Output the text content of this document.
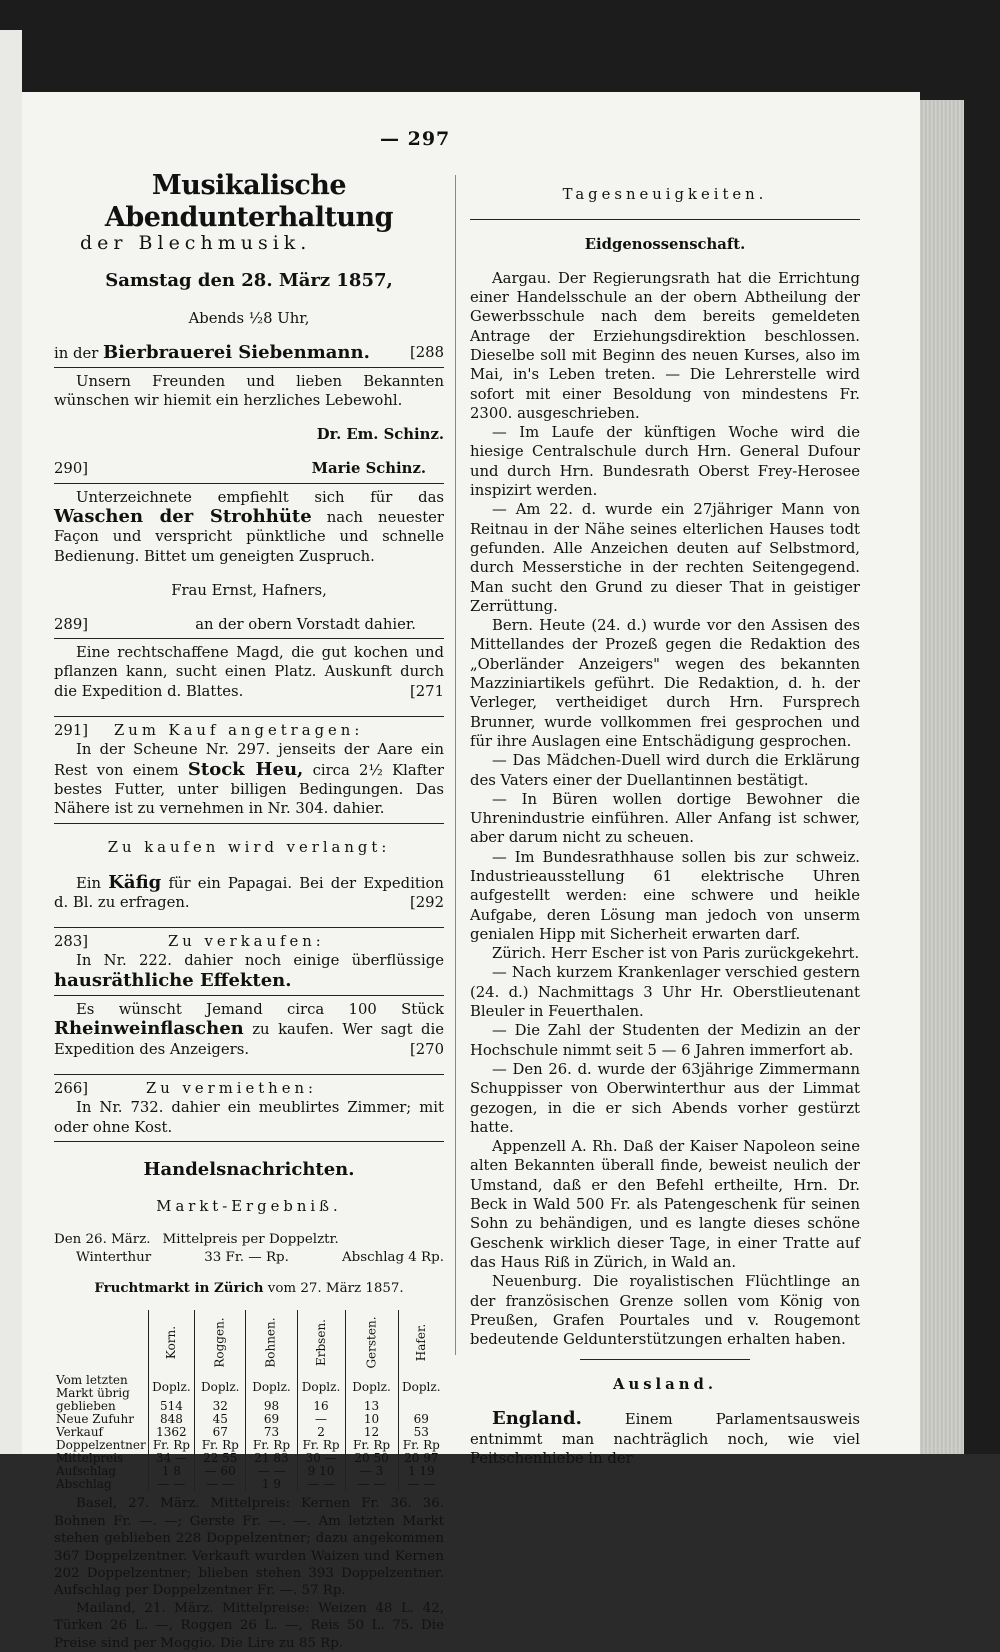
— 297

Musikalische Abendunterhaltung

der Blechmusik.

Samstag den 28. März 1857,

Abends ½8 Uhr,

in der Bierbrauerei Siebenmann.	[288

Unsern Freunden und lieben Bekannten wünschen wir hiemit ein herzliches Lebewohl.

Dr. Em. Schinz.

290]	Marie Schinz.

Unterzeichnete empfiehlt sich für das Waschen der Strohhüte nach neuester Façon und verspricht pünktliche und schnelle Bedienung. Bittet um geneigten Zuspruch.

Frau Ernst, Hafners,

289]	an der obern Vorstadt dahier.

Eine rechtschaffene Magd, die gut kochen und pflanzen kann, sucht einen Platz. Auskunft durch die Expedition d. Blattes.	[271

291] Zum Kauf angetragen:

In der Scheune Nr. 297. jenseits der Aare ein Rest von einem Stock Heu, circa 2½ Klafter bestes Futter, unter billigen Bedingungen. Das Nähere ist zu vernehmen in Nr. 304. dahier.

Zu kaufen wird verlangt:

Ein Käfig für ein Papagai. Bei der Expedition d. Bl. zu erfragen.	[292

283]	Zu verkaufen:

In Nr. 222. dahier noch einige überflüssige hausräthliche Effekten.

Es wünscht Jemand circa 100 Stück Rheinweinflaschen zu kaufen. Wer sagt die Expedition des Anzeigers.	[270

266]	Zu vermiethen:

In Nr. 732. dahier ein meublirtes Zimmer; mit oder ohne Kost.

Handelsnachrichten.

Markt-Ergebniß.

Den 26. März. Mittelpreis per Doppelztr.
Winterthur	33 Fr. — Rp.	Abschlag 4 Rp.

Fruchtmarkt in Zürich vom 27. März 1857.

	Korn.	Roggen.	Bohnen.	Erbsen.	Gersten.	Hafer.
Vom letzten
Markt übrig	Doplz.	Doplz.	Doplz.	Doplz.	Doplz.	Doplz.
geblieben	514	32	98	16	13	
Neue Zufuhr	848	45	69	—	10	69
Verkauf	1362	67	73	2	12	53
Doppelzentner	Fr. Rp	Fr. Rp	Fr. Rp	Fr. Rp	Fr. Rp	Fr. Rp
Mittelpreis	34 —	22 55	21 83	30 —	20 50	20 97
Aufschlag	1 8	— 60	— —	9 10	— 3	1 19
Abschlag	— —	— —	1 9	— —	— —	— —

Basel, 27. März. Mittelpreis: Kernen Fr. 36. 36. Bohnen Fr. —. —; Gerste Fr. —. —. Am letzten Markt stehen geblieben 228 Doppelzentner; dazu angekommen 367 Doppelzentner. Verkauft wurden Waizen und Kernen 202 Doppelzentner; blieben stehen 393 Doppelzentner. Aufschlag per Doppelzentner Fr. —. 57 Rp.

Mailand, 21. März. Mittelpreise: Weizen 48 L. 42, Türken 26 L. —, Roggen 26 L. —, Reis 50 L. 75. Die Preise sind per Moggio. Die Lire zu 85 Rp.

Tagesneuigkeiten.

Eidgenossenschaft.

Aargau. Der Regierungsrath hat die Errichtung einer Handelsschule an der obern Abtheilung der Gewerbsschule nach dem bereits gemeldeten Antrage der Erziehungsdirektion beschlossen. Dieselbe soll mit Beginn des neuen Kurses, also im Mai, in's Leben treten. — Die Lehrerstelle wird sofort mit einer Besoldung von mindestens Fr. 2300. ausgeschrieben.

— Im Laufe der künftigen Woche wird die hiesige Centralschule durch Hrn. General Dufour und durch Hrn. Bundesrath Oberst Frey-Herosee inspizirt werden.

— Am 22. d. wurde ein 27jähriger Mann von Reitnau in der Nähe seines elterlichen Hauses todt gefunden. Alle Anzeichen deuten auf Selbstmord, durch Messerstiche in der rechten Seitengegend. Man sucht den Grund zu dieser That in geistiger Zerrüttung.

Bern. Heute (24. d.) wurde vor den Assisen des Mittellandes der Prozeß gegen die Redaktion des „Oberländer Anzeigers" wegen des bekannten Mazziniartikels geführt. Die Redaktion, d. h. der Verleger, vertheidiget durch Hrn. Fursprech Brunner, wurde vollkommen frei gesprochen und für ihre Auslagen eine Entschädigung gesprochen.

— Das Mädchen-Duell wird durch die Erklärung des Vaters einer der Duellantinnen bestätigt.

— In Büren wollen dortige Bewohner die Uhrenindustrie einführen. Aller Anfang ist schwer, aber darum nicht zu scheuen.

— Im Bundesrathhause sollen bis zur schweiz. Industrieausstellung 61 elektrische Uhren aufgestellt werden: eine schwere und heikle Aufgabe, deren Lösung man jedoch von unserm genialen Hipp mit Sicherheit erwarten darf.

Zürich. Herr Escher ist von Paris zurückgekehrt.

— Nach kurzem Krankenlager verschied gestern (24. d.) Nachmittags 3 Uhr Hr. Oberstlieutenant Bleuler in Feuerthalen.

— Die Zahl der Studenten der Medizin an der Hochschule nimmt seit 5 — 6 Jahren immerfort ab.

— Den 26. d. wurde der 63jährige Zimmermann Schuppisser von Oberwinterthur aus der Limmat gezogen, in die er sich Abends vorher gestürzt hatte.

Appenzell A. Rh. Daß der Kaiser Napoleon seine alten Bekannten überall finde, beweist neulich der Umstand, daß er den Befehl ertheilte, Hrn. Dr. Beck in Wald 500 Fr. als Patengeschenk für seinen Sohn zu behändigen, und es langte dieses schöne Geschenk wirklich dieser Tage, in einer Tratte auf das Haus Riß in Zürich, in Wald an.

Neuenburg. Die royalistischen Flüchtlinge an der französischen Grenze sollen vom König von Preußen, Grafen Pourtales und v. Rougemont bedeutende Geldunterstützungen erhalten haben.

Ausland.

England.	Einem Parlamentsausweis entnimmt man nachträglich noch, wie viel Peitschenhiebe in der
